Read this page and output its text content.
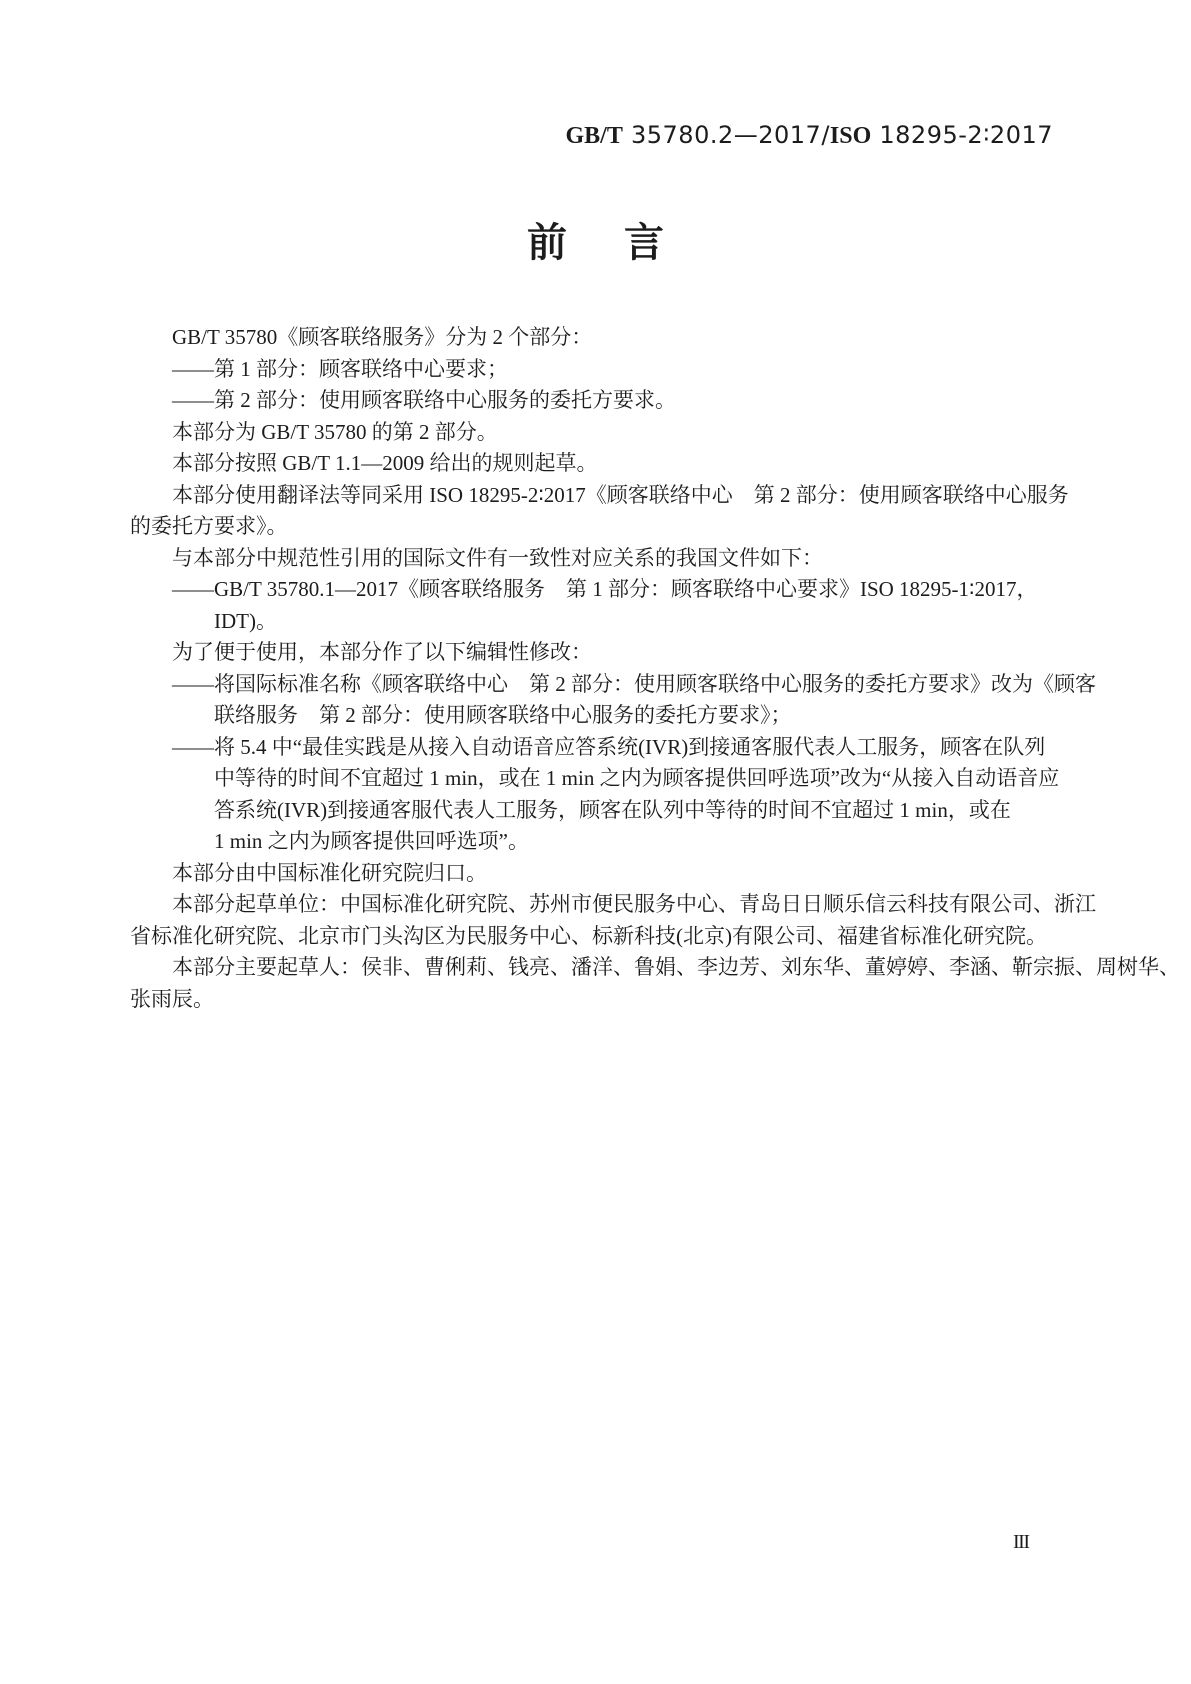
GB/T 35780.2—2017/ISO 18295-2∶2017
前言
GB/T 35780《顾客联络服务》分为 2 个部分：
——第 1 部分：顾客联络中心要求；
——第 2 部分：使用顾客联络中心服务的委托方要求。
本部分为 GB/T 35780 的第 2 部分。
本部分按照 GB/T 1.1—2009 给出的规则起草。
本部分使用翻译法等同采用 ISO 18295-2∶2017《顾客联络中心　第 2 部分：使用顾客联络中心服务
的委托方要求》。
与本部分中规范性引用的国际文件有一致性对应关系的我国文件如下：
——GB/T 35780.1—2017《顾客联络服务　第 1 部分：顾客联络中心要求》ISO 18295-1∶2017，
IDT)。
为了便于使用，本部分作了以下编辑性修改：
——将国际标准名称《顾客联络中心　第 2 部分：使用顾客联络中心服务的委托方要求》改为《顾客
联络服务　第 2 部分：使用顾客联络中心服务的委托方要求》；
——将 5.4 中“最佳实践是从接入自动语音应答系统(IVR)到接通客服代表人工服务，顾客在队列
中等待的时间不宜超过 1 min，或在 1 min 之内为顾客提供回呼选项”改为“从接入自动语音应
答系统(IVR)到接通客服代表人工服务，顾客在队列中等待的时间不宜超过 1 min，或在
1 min 之内为顾客提供回呼选项”。
本部分由中国标准化研究院归口。
本部分起草单位：中国标准化研究院、苏州市便民服务中心、青岛日日顺乐信云科技有限公司、浙江
省标准化研究院、北京市门头沟区为民服务中心、标新科技(北京)有限公司、福建省标准化研究院。
本部分主要起草人：侯非、曹俐莉、钱亮、潘洋、鲁娟、李边芳、刘东华、董婷婷、李涵、靳宗振、周树华、
张雨辰。
III
